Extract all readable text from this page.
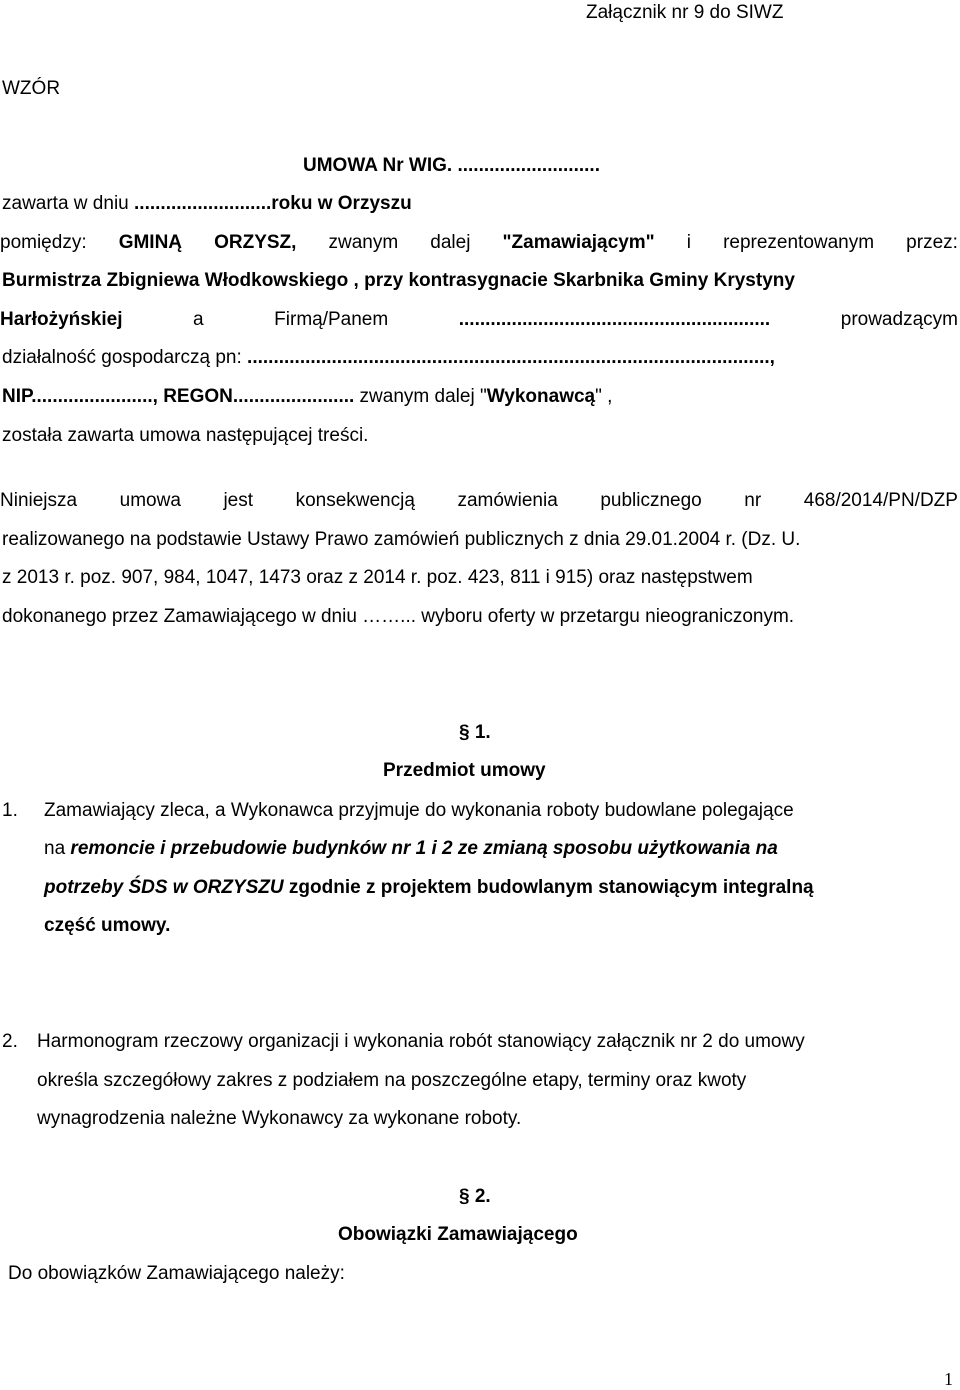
Załącznik nr 9 do SIWZ
WZÓR
UMOWA Nr WIG. ...........................
zawarta w dniu ..........................roku w Orzyszu
pomiędzy: GMINĄ ORZYSZ, zwanym dalej "Zamawiającym" i reprezentowanym przez:
Burmistrza Zbigniewa Włodkowskiego , przy kontrasygnacie Skarbnika Gminy Krystyny
Harłożyńskiej	a	Firmą/Panem	...........................................................	prowadzącym
działalność gospodarczą pn: ...................................................................................................,
NIP......................., REGON....................... zwanym dalej "Wykonawcą" ,
została zawarta umowa następującej treści.
Niniejsza umowa jest konsekwencją zamówienia publicznego nr 468/2014/PN/DZP
realizowanego na podstawie Ustawy Prawo zamówień publicznych z dnia 29.01.2004 r. (Dz. U.
z 2013 r. poz. 907, 984, 1047, 1473 oraz z 2014 r. poz. 423, 811 i 915) oraz następstwem
dokonanego przez Zamawiającego w dniu ……... wyboru oferty w przetargu nieograniczonym.
§ 1.
Przedmiot umowy
1. Zamawiający zleca, a Wykonawca przyjmuje do wykonania roboty budowlane polegające
na remoncie i przebudowie budynków nr 1 i 2 ze zmianą sposobu użytkowania na
potrzeby ŚDS w ORZYSZU zgodnie z projektem budowlanym stanowiącym integralną
część umowy.
2. Harmonogram rzeczowy organizacji i wykonania robót stanowiący załącznik nr 2 do umowy
określa szczegółowy zakres z podziałem na poszczególne etapy, terminy oraz kwoty
wynagrodzenia należne Wykonawcy za wykonane roboty.
§ 2.
Obowiązki Zamawiającego
Do obowiązków Zamawiającego należy:
1
